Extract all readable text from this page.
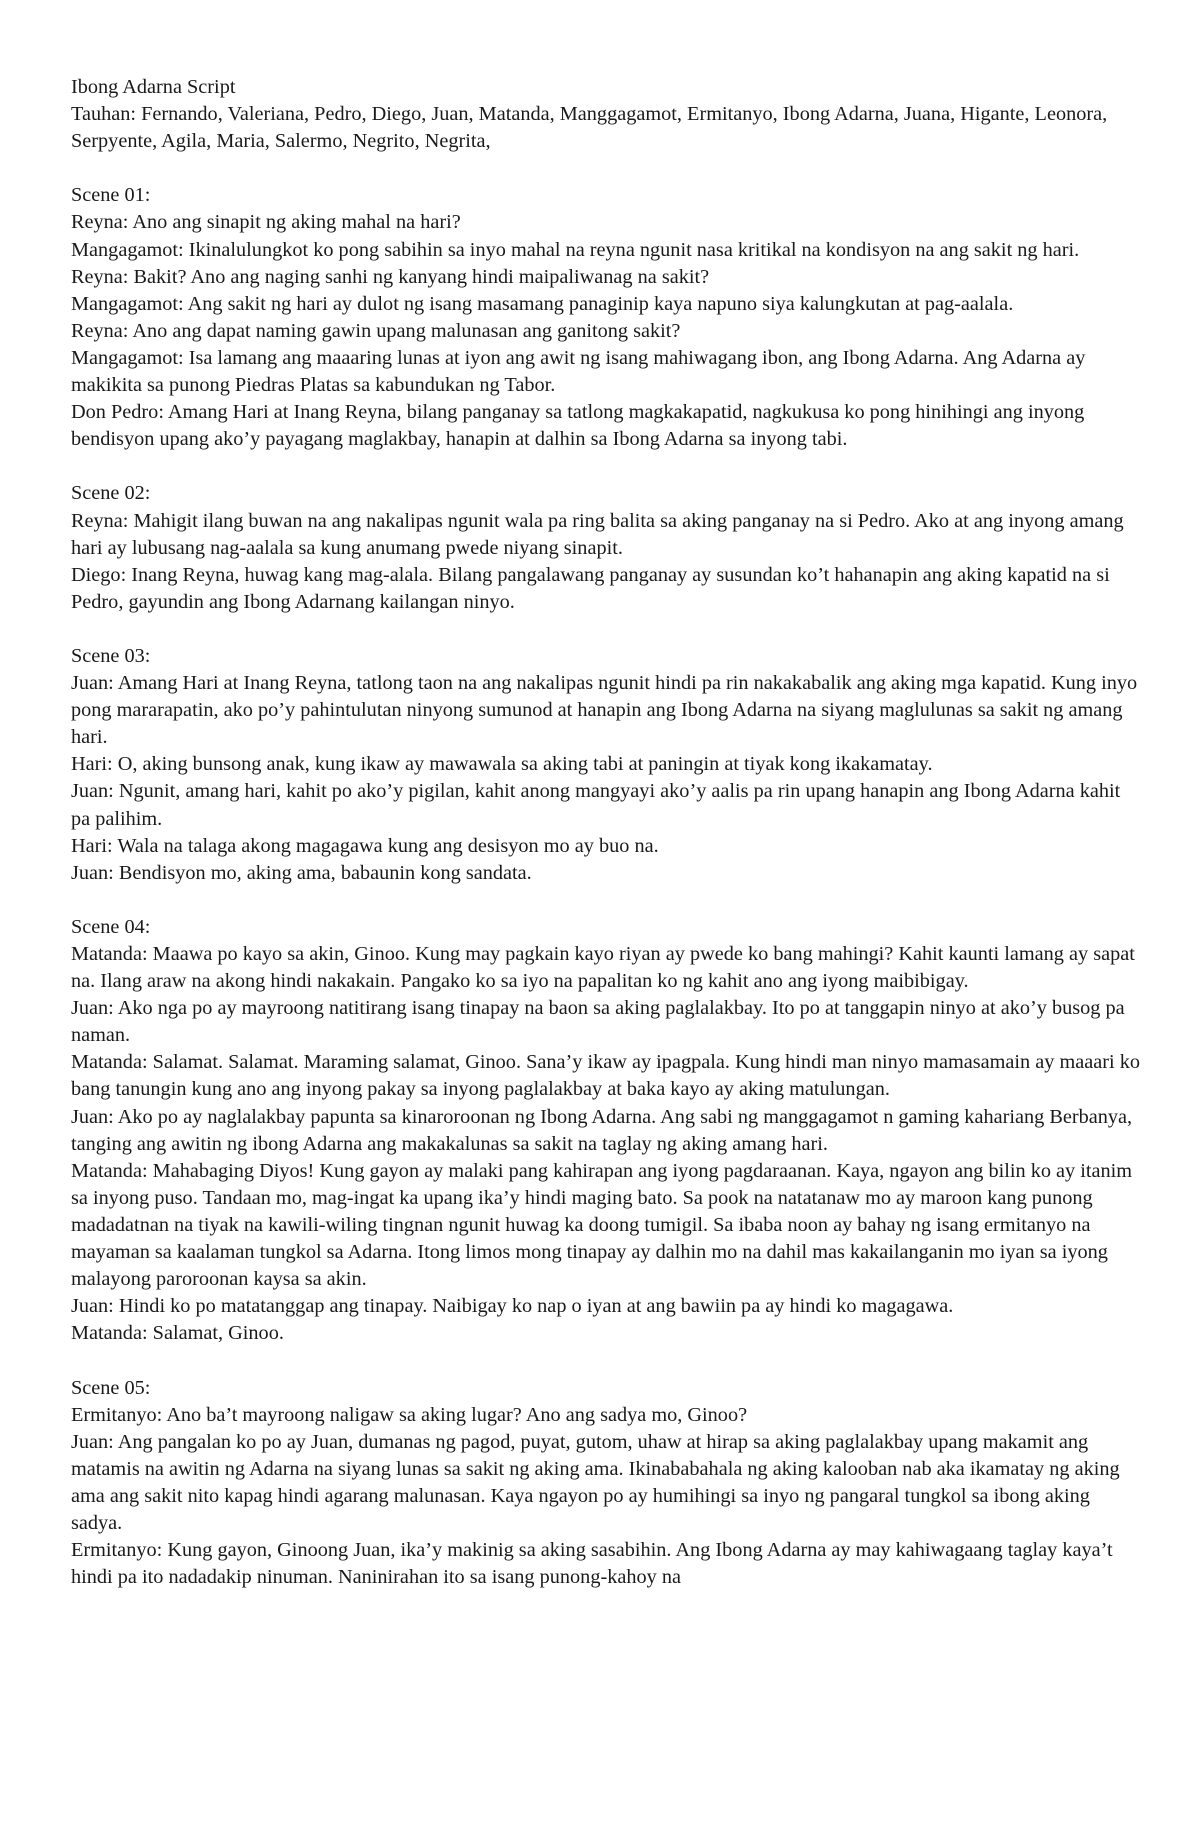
Ibong Adarna Script

Tauhan: Fernando, Valeriana, Pedro, Diego, Juan, Matanda, Manggagamot, Ermitanyo, Ibong Adarna, Juana, Higante, Leonora, Serpyente, Agila, Maria, Salermo, Negrito, Negrita,

Scene 01:

Reyna: Ano ang sinapit ng aking mahal na hari?

Mangagamot: Ikinalulungkot ko pong sabihin sa inyo mahal na reyna ngunit nasa kritikal na kondisyon na ang sakit ng hari.

Reyna: Bakit? Ano ang naging sanhi ng kanyang hindi maipaliwanag na sakit?

Mangagamot: Ang sakit ng hari ay dulot ng isang masamang panaginip kaya napuno siya kalungkutan at pag-aalala.

Reyna: Ano ang dapat naming gawin upang malunasan ang ganitong sakit?

Mangagamot: Isa lamang ang maaaring lunas at iyon ang awit ng isang mahiwagang ibon, ang Ibong Adarna. Ang Adarna ay makikita sa punong Piedras Platas sa kabundukan ng Tabor.

Don Pedro: Amang Hari at Inang Reyna, bilang panganay sa tatlong magkakapatid, nagkukusa ko pong hinihingi ang inyong bendisyon upang ako’y payagang maglakbay, hanapin at dalhin sa Ibong Adarna sa inyong tabi.

Scene 02:

Reyna: Mahigit ilang buwan na ang nakalipas ngunit wala pa ring balita sa aking panganay na si Pedro. Ako at ang inyong amang hari ay lubusang nag-aalala sa kung anumang pwede niyang sinapit.

Diego: Inang Reyna, huwag kang mag-alala. Bilang pangalawang panganay ay susundan ko’t hahanapin ang aking kapatid na si Pedro, gayundin ang Ibong Adarnang kailangan ninyo.

Scene 03:

Juan: Amang Hari at Inang Reyna, tatlong taon na ang nakalipas ngunit hindi pa rin nakakabalik ang aking mga kapatid. Kung inyo pong mararapatin, ako po’y pahintulutan ninyong sumunod at hanapin ang Ibong Adarna na siyang maglulunas sa sakit ng amang hari.

Hari: O, aking bunsong anak, kung ikaw ay mawawala sa aking tabi at paningin at tiyak kong ikakamatay.

Juan: Ngunit, amang hari, kahit po ako’y pigilan, kahit anong mangyayi ako’y aalis pa rin upang hanapin ang Ibong Adarna kahit pa palihim.

Hari: Wala na talaga akong magagawa kung ang desisyon mo ay buo na.

Juan: Bendisyon mo, aking ama, babaunin kong sandata.

Scene 04:

Matanda: Maawa po kayo sa akin, Ginoo. Kung may pagkain kayo riyan ay pwede ko bang mahingi? Kahit kaunti lamang ay sapat na. Ilang araw na akong hindi nakakain. Pangako ko sa iyo na papalitan ko ng kahit ano ang iyong maibibigay.

Juan: Ako nga po ay mayroong natitirang isang tinapay na baon sa aking paglalakbay. Ito po at tanggapin ninyo at ako’y busog pa naman.

Matanda: Salamat. Salamat. Maraming salamat, Ginoo. Sana’y ikaw ay ipagpala. Kung hindi man ninyo mamasamain ay maaari ko bang tanungin kung ano ang inyong pakay sa inyong paglalakbay at baka kayo ay aking matulungan.

Juan: Ako po ay naglalakbay papunta sa kinaroroonan ng Ibong Adarna. Ang sabi ng manggagamot n gaming kahariang Berbanya, tanging ang awitin ng ibong Adarna ang makakalunas sa sakit na taglay ng aking amang hari.

Matanda: Mahabaging Diyos! Kung gayon ay malaki pang kahirapan ang iyong pagdaraanan. Kaya, ngayon ang bilin ko ay itanim sa inyong puso. Tandaan mo, mag-ingat ka upang ika’y hindi maging bato. Sa pook na natatanaw mo ay maroon kang punong madadatnan na tiyak na kawili-wiling tingnan ngunit huwag ka doong tumigil. Sa ibaba noon ay bahay ng isang ermitanyo na mayaman sa kaalaman tungkol sa Adarna. Itong limos mong tinapay ay dalhin mo na dahil mas kakailanganin mo iyan sa iyong malayong paroroonan kaysa sa akin.

Juan: Hindi ko po matatanggap ang tinapay. Naibigay ko nap o iyan at ang bawiin pa ay hindi ko magagawa.

Matanda: Salamat, Ginoo.

Scene 05:

Ermitanyo: Ano ba’t mayroong naligaw sa aking lugar? Ano ang sadya mo, Ginoo?

Juan: Ang pangalan ko po ay Juan, dumanas ng pagod, puyat, gutom, uhaw at hirap sa aking paglalakbay upang makamit ang matamis na awitin ng Adarna na siyang lunas sa sakit ng aking ama. Ikinababahala ng aking kalooban nab aka ikamatay ng aking ama ang sakit nito kapag hindi agarang malunasan. Kaya ngayon po ay humihingi sa inyo ng pangaral tungkol sa ibong aking sadya.

Ermitanyo: Kung gayon, Ginoong Juan, ika’y makinig sa aking sasabihin. Ang Ibong Adarna ay may kahiwagaang taglay kaya’t hindi pa ito nadadakip ninuman. Naninirahan ito sa isang punong-kahoy na
